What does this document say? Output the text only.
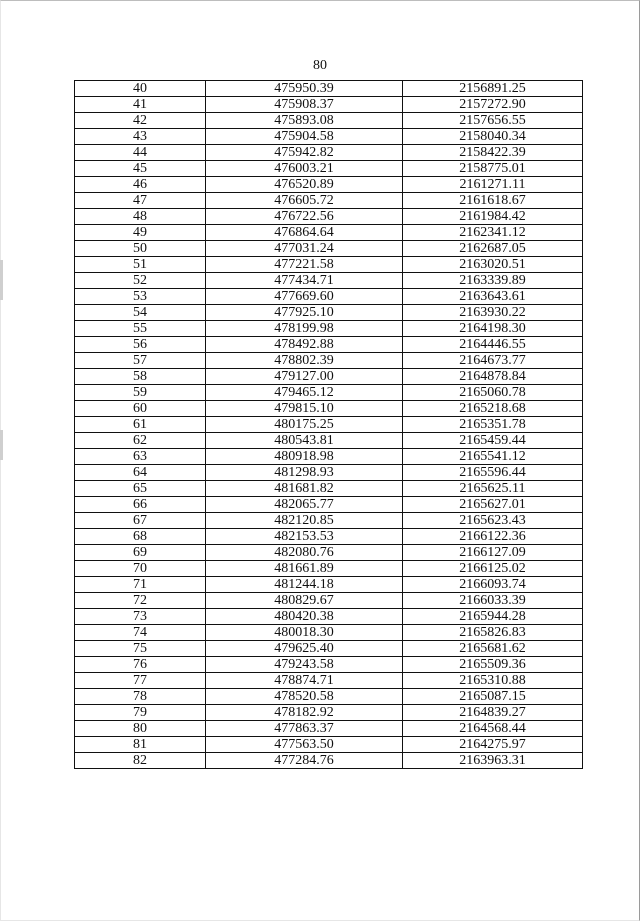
80
40	475950.39	2156891.25
41	475908.37	2157272.90
42	475893.08	2157656.55
43	475904.58	2158040.34
44	475942.82	2158422.39
45	476003.21	2158775.01
46	476520.89	2161271.11
47	476605.72	2161618.67
48	476722.56	2161984.42
49	476864.64	2162341.12
50	477031.24	2162687.05
51	477221.58	2163020.51
52	477434.71	2163339.89
53	477669.60	2163643.61
54	477925.10	2163930.22
55	478199.98	2164198.30
56	478492.88	2164446.55
57	478802.39	2164673.77
58	479127.00	2164878.84
59	479465.12	2165060.78
60	479815.10	2165218.68
61	480175.25	2165351.78
62	480543.81	2165459.44
63	480918.98	2165541.12
64	481298.93	2165596.44
65	481681.82	2165625.11
66	482065.77	2165627.01
67	482120.85	2165623.43
68	482153.53	2166122.36
69	482080.76	2166127.09
70	481661.89	2166125.02
71	481244.18	2166093.74
72	480829.67	2166033.39
73	480420.38	2165944.28
74	480018.30	2165826.83
75	479625.40	2165681.62
76	479243.58	2165509.36
77	478874.71	2165310.88
78	478520.58	2165087.15
79	478182.92	2164839.27
80	477863.37	2164568.44
81	477563.50	2164275.97
82	477284.76	2163963.31
